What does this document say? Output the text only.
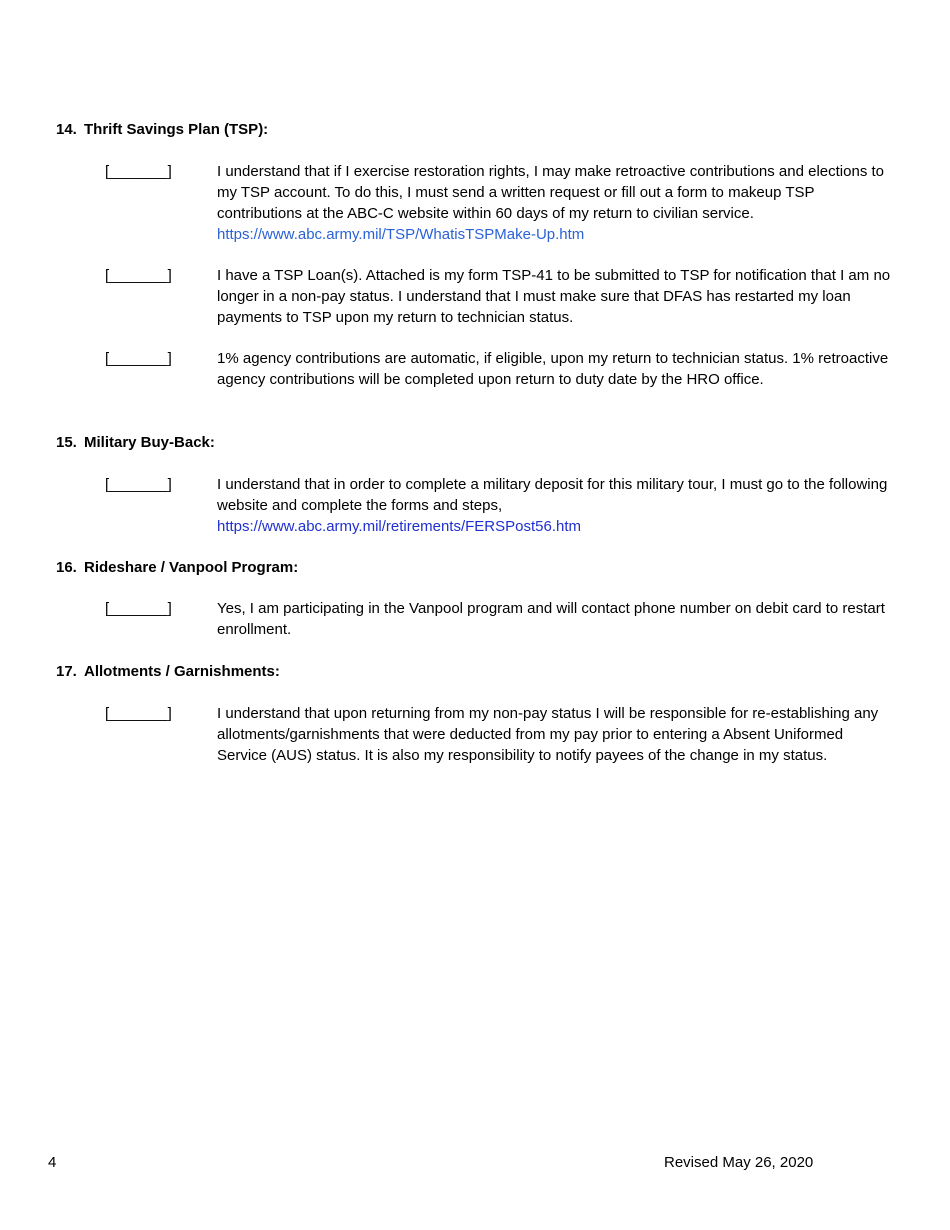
14. Thrift Savings Plan (TSP):
[_______]	I understand that if I exercise restoration rights, I may make retroactive contributions and elections to my TSP account. To do this, I must send a written request or fill out a form to makeup TSP contributions at the ABC-C website within 60 days of my return to civilian service.

https://www.abc.army.mil/TSP/WhatisTSPMake-Up.htm
[_______]	I have a TSP Loan(s). Attached is my form TSP-41 to be submitted to TSP for notification that I am no longer in a non-pay status. I understand that I must make sure that DFAS has restarted my loan payments to TSP upon my return to technician status.

[_______]	1% agency contributions are automatic, if eligible, upon my return to technician status. 1% retroactive agency contributions will be completed upon return to duty date by the HRO office.

15. Military Buy-Back:
[_______]	I understand that in order to complete a military deposit for this military tour, I must go to the following website and complete the forms and steps,

https://www.abc.army.mil/retirements/FERSPost56.htm
16. Rideshare / Vanpool Program:
[_______]	Yes, I am participating in the Vanpool program and will contact phone number on debit card to restart enrollment.

17. Allotments / Garnishments:
[_______]	I understand that upon returning from my non-pay status I will be responsible for re-establishing any allotments/garnishments that were deducted from my pay prior to entering a Absent Uniformed Service (AUS) status. It is also my responsibility to notify payees of the change in my status.

4	Revised May 26, 2020
